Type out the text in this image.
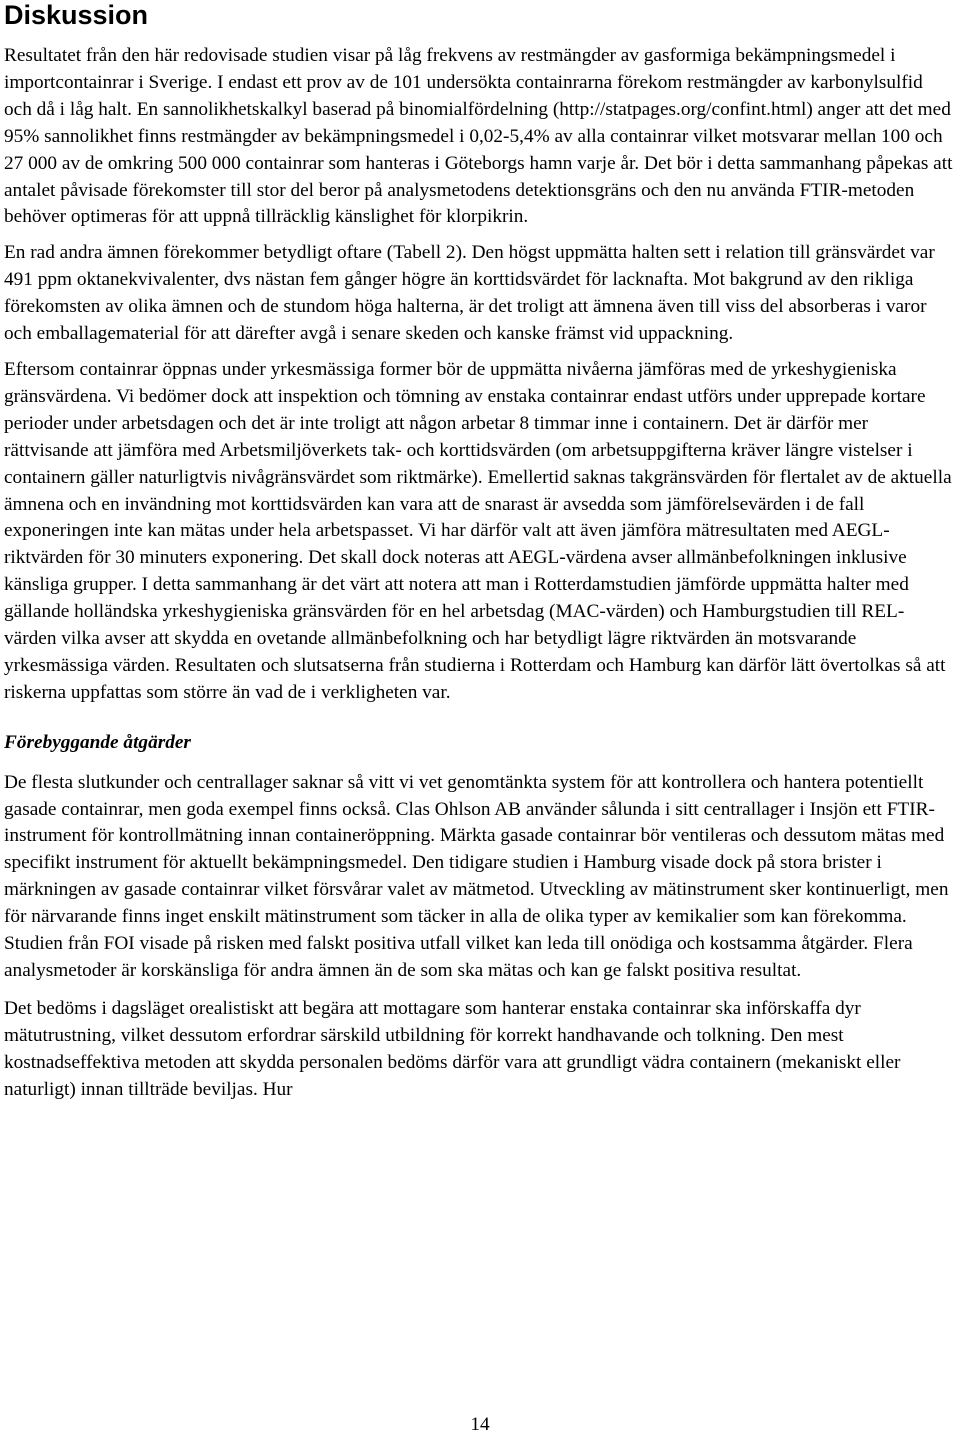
Diskussion

Resultatet från den här redovisade studien visar på låg frekvens av restmängder av gasformiga bekämpningsmedel i importcontainrar i Sverige. I endast ett prov av de 101 undersökta containrarna förekom restmängder av karbonylsulfid och då i låg halt. En sannolikhetskalkyl baserad på binomialfördelning (http://statpages.org/confint.html) anger att det med 95% sannolikhet finns restmängder av bekämpningsmedel i 0,02-5,4% av alla containrar vilket motsvarar mellan 100 och 27 000 av de omkring 500 000 containrar som hanteras i Göteborgs hamn varje år. Det bör i detta sammanhang påpekas att antalet påvisade förekomster till stor del beror på analysmetodens detektionsgräns och den nu använda FTIR-metoden behöver optimeras för att uppnå tillräcklig känslighet för klorpikrin.

En rad andra ämnen förekommer betydligt oftare (Tabell 2). Den högst uppmätta halten sett i relation till gränsvärdet var 491 ppm oktanekvivalenter, dvs nästan fem gånger högre än korttidsvärdet för lacknafta. Mot bakgrund av den rikliga förekomsten av olika ämnen och de stundom höga halterna, är det troligt att ämnena även till viss del absorberas i varor och emballagematerial för att därefter avgå i senare skeden och kanske främst vid uppackning.

Eftersom containrar öppnas under yrkesmässiga former bör de uppmätta nivåerna jämföras med de yrkeshygieniska gränsvärdena. Vi bedömer dock att inspektion och tömning av enstaka containrar endast utförs under upprepade kortare perioder under arbetsdagen och det är inte troligt att någon arbetar 8 timmar inne i containern. Det är därför mer rättvisande att jämföra med Arbetsmiljöverkets tak- och korttidsvärden (om arbetsuppgifterna kräver längre vistelser i containern gäller naturligtvis nivågränsvärdet som riktmärke). Emellertid saknas takgränsvärden för flertalet av de aktuella ämnena och en invändning mot korttidsvärden kan vara att de snarast är avsedda som jämförelsevärden i de fall exponeringen inte kan mätas under hela arbetspasset. Vi har därför valt att även jämföra mätresultaten med AEGL-riktvärden för 30 minuters exponering. Det skall dock noteras att AEGL-värdena avser allmänbefolkningen inklusive känsliga grupper. I detta sammanhang är det värt att notera att man i Rotterdamstudien jämförde uppmätta halter med gällande holländska yrkeshygieniska gränsvärden för en hel arbetsdag (MAC-värden) och Hamburgstudien till REL-värden vilka avser att skydda en ovetande allmänbefolkning och har betydligt lägre riktvärden än motsvarande yrkesmässiga värden. Resultaten och slutsatserna från studierna i Rotterdam och Hamburg kan därför lätt övertolkas så att riskerna uppfattas som större än vad de i verkligheten var.

Förebyggande åtgärder

De flesta slutkunder och centrallager saknar så vitt vi vet genomtänkta system för att kontrollera och hantera potentiellt gasade containrar, men goda exempel finns också. Clas Ohlson AB använder sålunda i sitt centrallager i Insjön ett FTIR-instrument för kontrollmätning innan containeröppning. Märkta gasade containrar bör ventileras och dessutom mätas med specifikt instrument för aktuellt bekämpningsmedel. Den tidigare studien i Hamburg visade dock på stora brister i märkningen av gasade containrar vilket försvårar valet av mätmetod. Utveckling av mätinstrument sker kontinuerligt, men för närvarande finns inget enskilt mätinstrument som täcker in alla de olika typer av kemikalier som kan förekomma. Studien från FOI visade på risken med falskt positiva utfall vilket kan leda till onödiga och kostsamma åtgärder. Flera analysmetoder är korskänsliga för andra ämnen än de som ska mätas och kan ge falskt positiva resultat.

Det bedöms i dagsläget orealistiskt att begära att mottagare som hanterar enstaka containrar ska införskaffa dyr mätutrustning, vilket dessutom erfordrar särskild utbildning för korrekt handhavande och tolkning. Den mest kostnadseffektiva metoden att skydda personalen bedöms därför vara att grundligt vädra containern (mekaniskt eller naturligt) innan tillträde beviljas. Hur

14
